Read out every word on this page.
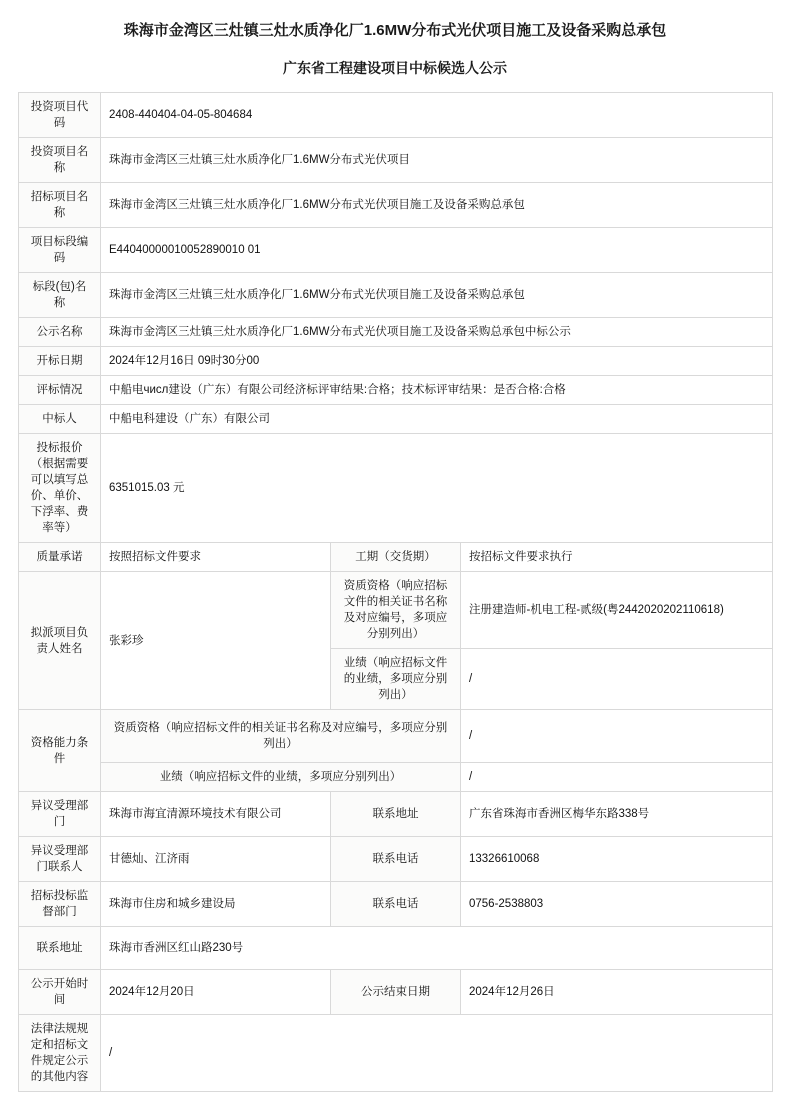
珠海市金湾区三灶镇三灶水质净化厂1.6MW分布式光伏项目施工及设备采购总承包
广东省工程建设项目中标候选人公示
投资项目代码	2408-440404-04-05-804684		
投资项目名称	珠海市金湾区三灶镇三灶水质净化厂1.6MW分布式光伏项目		
招标项目名称	珠海市金湾区三灶镇三灶水质净化厂1.6MW分布式光伏项目施工及设备采购总承包		
项目标段编码	E44040000010052890010 01		
标段(包)名称	珠海市金湾区三灶镇三灶水质净化厂1.6MW分布式光伏项目施工及设备采购总承包		
公示名称	珠海市金湾区三灶镇三灶水质净化厂1.6MW分布式光伏项目施工及设备采购总承包中标公示		
开标日期	2024年12月16日 09时30分00		
评标情况	中船电числ建设（广东）有限公司经济标评审结果:合格；技术标评审结果：是否合格:合格		
中标人	中船电科建设（广东）有限公司		
投标报价（根据需要可以填写总价、单价、下浮率、费率等）	6351015.03 元		
质量承诺	按照招标文件要求	工期（交货期）	按招标文件要求执行
拟派项目负责人姓名	张彩珍	资质资格（响应招标文件的相关证书名称及对应编号，多项应分别列出）	注册建造师-机电工程-贰级(粤2442020202110618)
		业绩（响应招标文件的业绩，多项应分别列出）	/
资格能力条件	资质资格（响应招标文件的相关证书名称及对应编号，多项应分别列出）		/
	业绩（响应招标文件的业绩，多项应分别列出）		/
异议受理部门	珠海市海宜清源环境技术有限公司	联系地址	广东省珠海市香洲区梅华东路338号
异议受理部门联系人	甘德灿、江济雨	联系电话	13326610068
招标投标监督部门	珠海市住房和城乡建设局	联系电话	0756-2538803
联系地址	珠海市香洲区红山路230号		
公示开始时间	2024年12月20日	公示结束日期	2024年12月26日
法律法规规定和招标文件规定公示的其他内容	/		
